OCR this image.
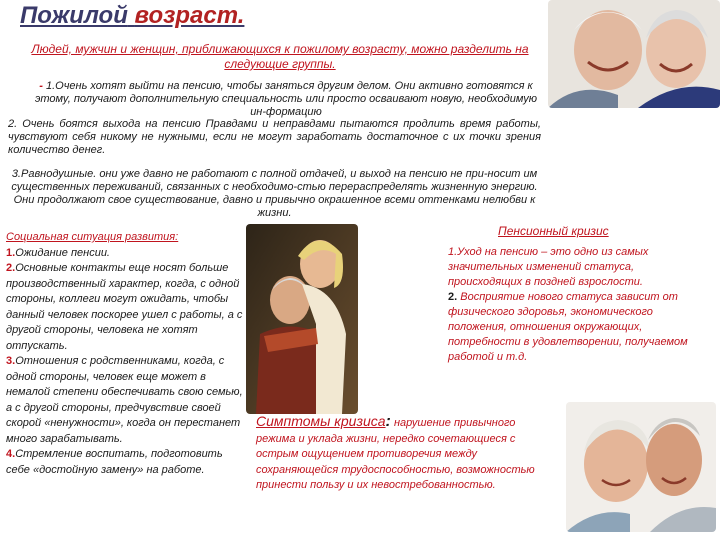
Пожилой возраст.
Людей, мужчин и женщин, приближающихся к пожилому возрасту, можно разделить на следующие группы.
- 1.Очень хотят выйти на пенсию, чтобы заняться другим делом. Они активно готовятся к этому, получают дополнительную специальность или просто осваивают новую, необходимую ин-формацию
2. Очень боятся выхода на пенсию Правдами и неправдами пытаются продлить время работы, чувствуют себя никому не нужными, если не могут заработать достаточное с их точки зрения количество денег.
3.Равнодушные. они уже давно не работают с полной отдачей, и выход на пенсию не при-носит им существенных переживаний, связанных с необходимо-стью перераспределять жизненную энергию. Они продолжают свое существование, давно и привычно окрашенное всеми оттенками нелюбви к жизни.
Социальная ситуация развития:
1.Ожидание пенсии.
2.Основные контакты еще носят больше производственный характер, когда, с одной стороны, коллеги могут ожидать, чтобы данный человек поскорее ушел с работы, а с другой стороны, человека не хотят отпускать.
3.Отношения с родственниками, когда, с одной стороны, человек еще может в немалой степени обеспечивать свою семью, а с другой стороны, предчувствие своей скорой «ненужности», когда он перестанет много зарабатывать.
4.Стремление воспитать, подготовить себе «достойную замену» на работе.
Пенсионный кризис
1.Уход на пенсию – это одно из самых значительных изменений статуса, происходящих в поздней взрослости.
2. Восприятие нового статуса зависит от физического здоровья, экономического положения, отношения окружающих, потребности в удовлетворении, получаемом работой и т.д.
Симптомы кризиса: нарушение привычного
режима и уклада жизни, нередко сочетающиеся с острым ощущением противоречия между сохраняющейся трудоспособностью, возможностью принести пользу и их невостребованностью.
